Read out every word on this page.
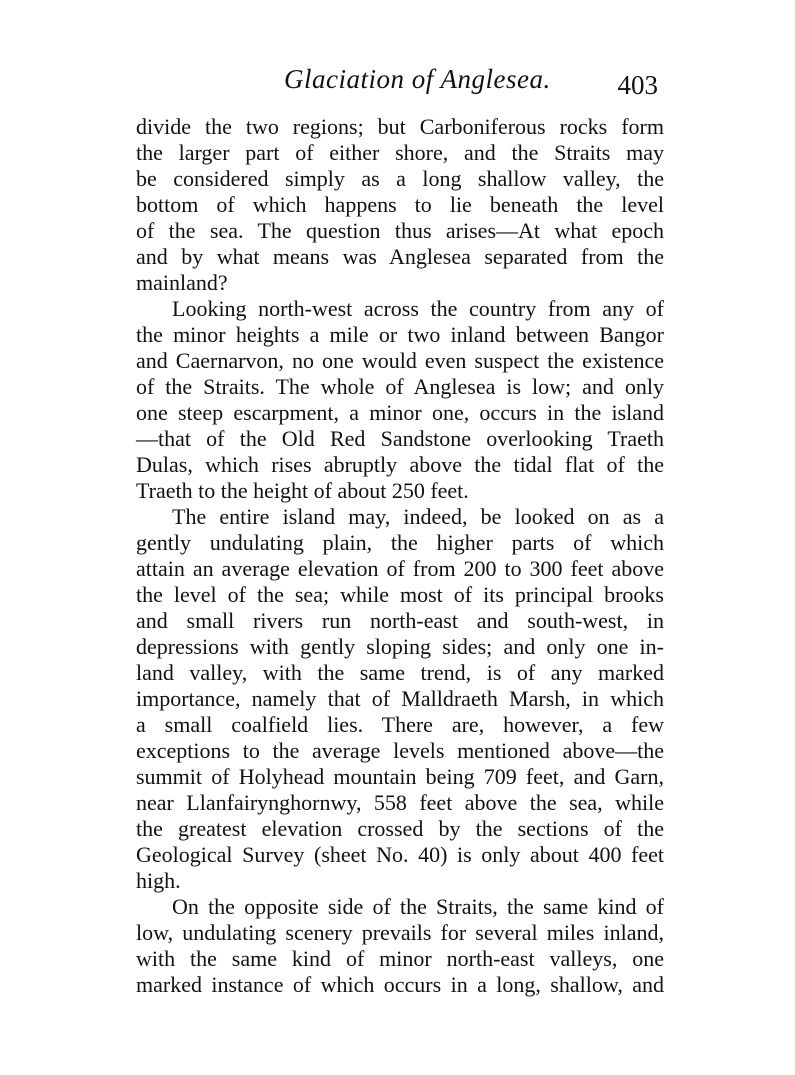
Glaciation of Anglesea. 403
divide the two regions; but Carboniferous rocks form
the larger part of either shore, and the Straits may
be considered simply as a long shallow valley, the
bottom of which happens to lie beneath the level
of the sea. The question thus arises—At what epoch
and by what means was Anglesea separated from the
mainland?
Looking north-west across the country from any of
the minor heights a mile or two inland between Bangor
and Caernarvon, no one would even suspect the existence
of the Straits. The whole of Anglesea is low; and only
one steep escarpment, a minor one, occurs in the island
—that of the Old Red Sandstone overlooking Traeth
Dulas, which rises abruptly above the tidal flat of the
Traeth to the height of about 250 feet.
The entire island may, indeed, be looked on as a
gently undulating plain, the higher parts of which
attain an average elevation of from 200 to 300 feet above
the level of the sea; while most of its principal brooks
and small rivers run north-east and south-west, in
depressions with gently sloping sides; and only one in-
land valley, with the same trend, is of any marked
importance, namely that of Malldraeth Marsh, in which
a small coalfield lies. There are, however, a few
exceptions to the average levels mentioned above—the
summit of Holyhead mountain being 709 feet, and Garn,
near Llanfairynghornwy, 558 feet above the sea, while
the greatest elevation crossed by the sections of the
Geological Survey (sheet No. 40) is only about 400 feet
high.
On the opposite side of the Straits, the same kind of
low, undulating scenery prevails for several miles inland,
with the same kind of minor north-east valleys, one
marked instance of which occurs in a long, shallow, and
